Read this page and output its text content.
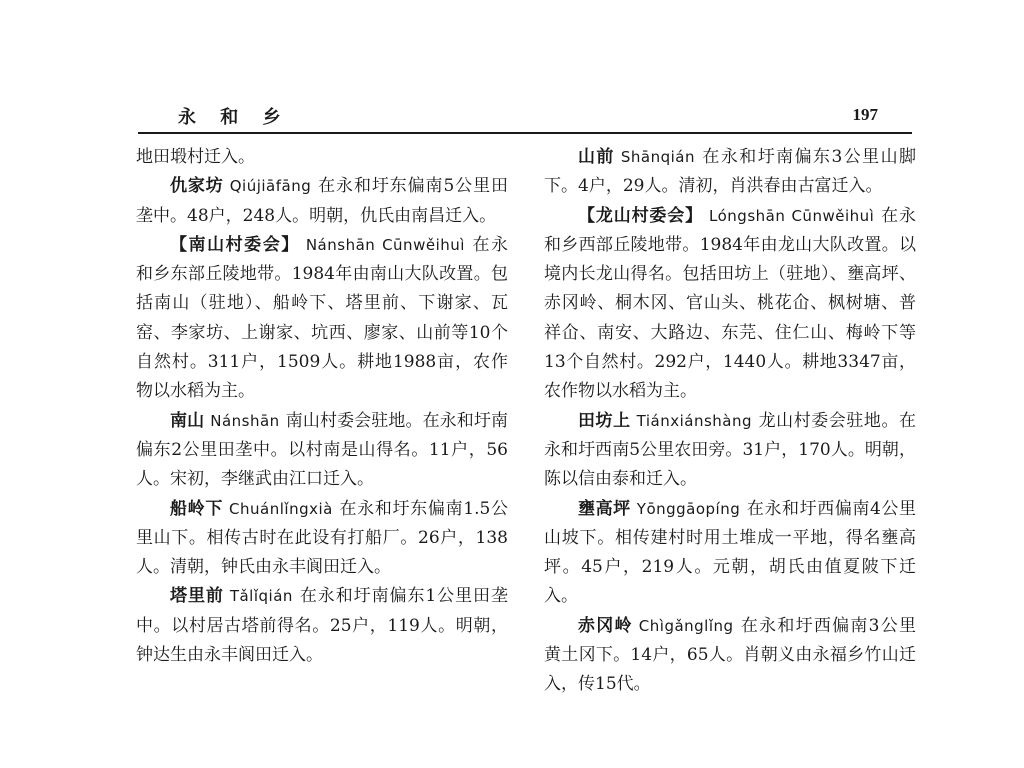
永 和 乡	197

地田塅村迁入。

仇家坊 Qiújiāfāng 在永和圩东偏南5公里田垄中。48户，248人。明朝，仇氏由南昌迁入。

【南山村委会】 Nánshān Cūnwěihuì 在永和乡东部丘陵地带。1984年由南山大队改置。包括南山（驻地）、船岭下、塔里前、下谢家、瓦窑、李家坊、上谢家、坑西、廖家、山前等10个自然村。311户，1509人。耕地1988亩，农作物以水稻为主。

南山 Nánshān 南山村委会驻地。在永和圩南偏东2公里田垄中。以村南是山得名。11户，56人。宋初，李继武由江口迁入。

船岭下 Chuánlǐngxià 在永和圩东偏南1.5公里山下。相传古时在此设有打船厂。26户，138人。清朝，钟氏由永丰阆田迁入。

塔里前 Tǎlǐqián 在永和圩南偏东1公里田垄中。以村居古塔前得名。25户，119人。明朝，钟达生由永丰阆田迁入。

山前 Shānqián 在永和圩南偏东3公里山脚下。4户，29人。清初，肖洪春由古富迁入。

【龙山村委会】 Lóngshān Cūnwěihuì 在永和乡西部丘陵地带。1984年由龙山大队改置。以境内长龙山得名。包括田坊上（驻地）、壅高坪、赤冈岭、桐木冈、官山头、桃花仚、枫树塘、普祥仚、南安、大路边、东芫、住仁山、梅岭下等13个自然村。292户，1440人。耕地3347亩，农作物以水稻为主。

田坊上 Tiánxiánshàng 龙山村委会驻地。在永和圩西南5公里农田旁。31户，170人。明朝，陈以信由泰和迁入。

壅高坪 Yōnggāopíng 在永和圩西偏南4公里山坡下。相传建村时用土堆成一平地，得名壅高坪。45户，219人。元朝，胡氏由值夏陂下迁入。

赤冈岭 Chìgǎnglǐng 在永和圩西偏南3公里黄土冈下。14户，65人。肖朝义由永福乡竹山迁入，传15代。
